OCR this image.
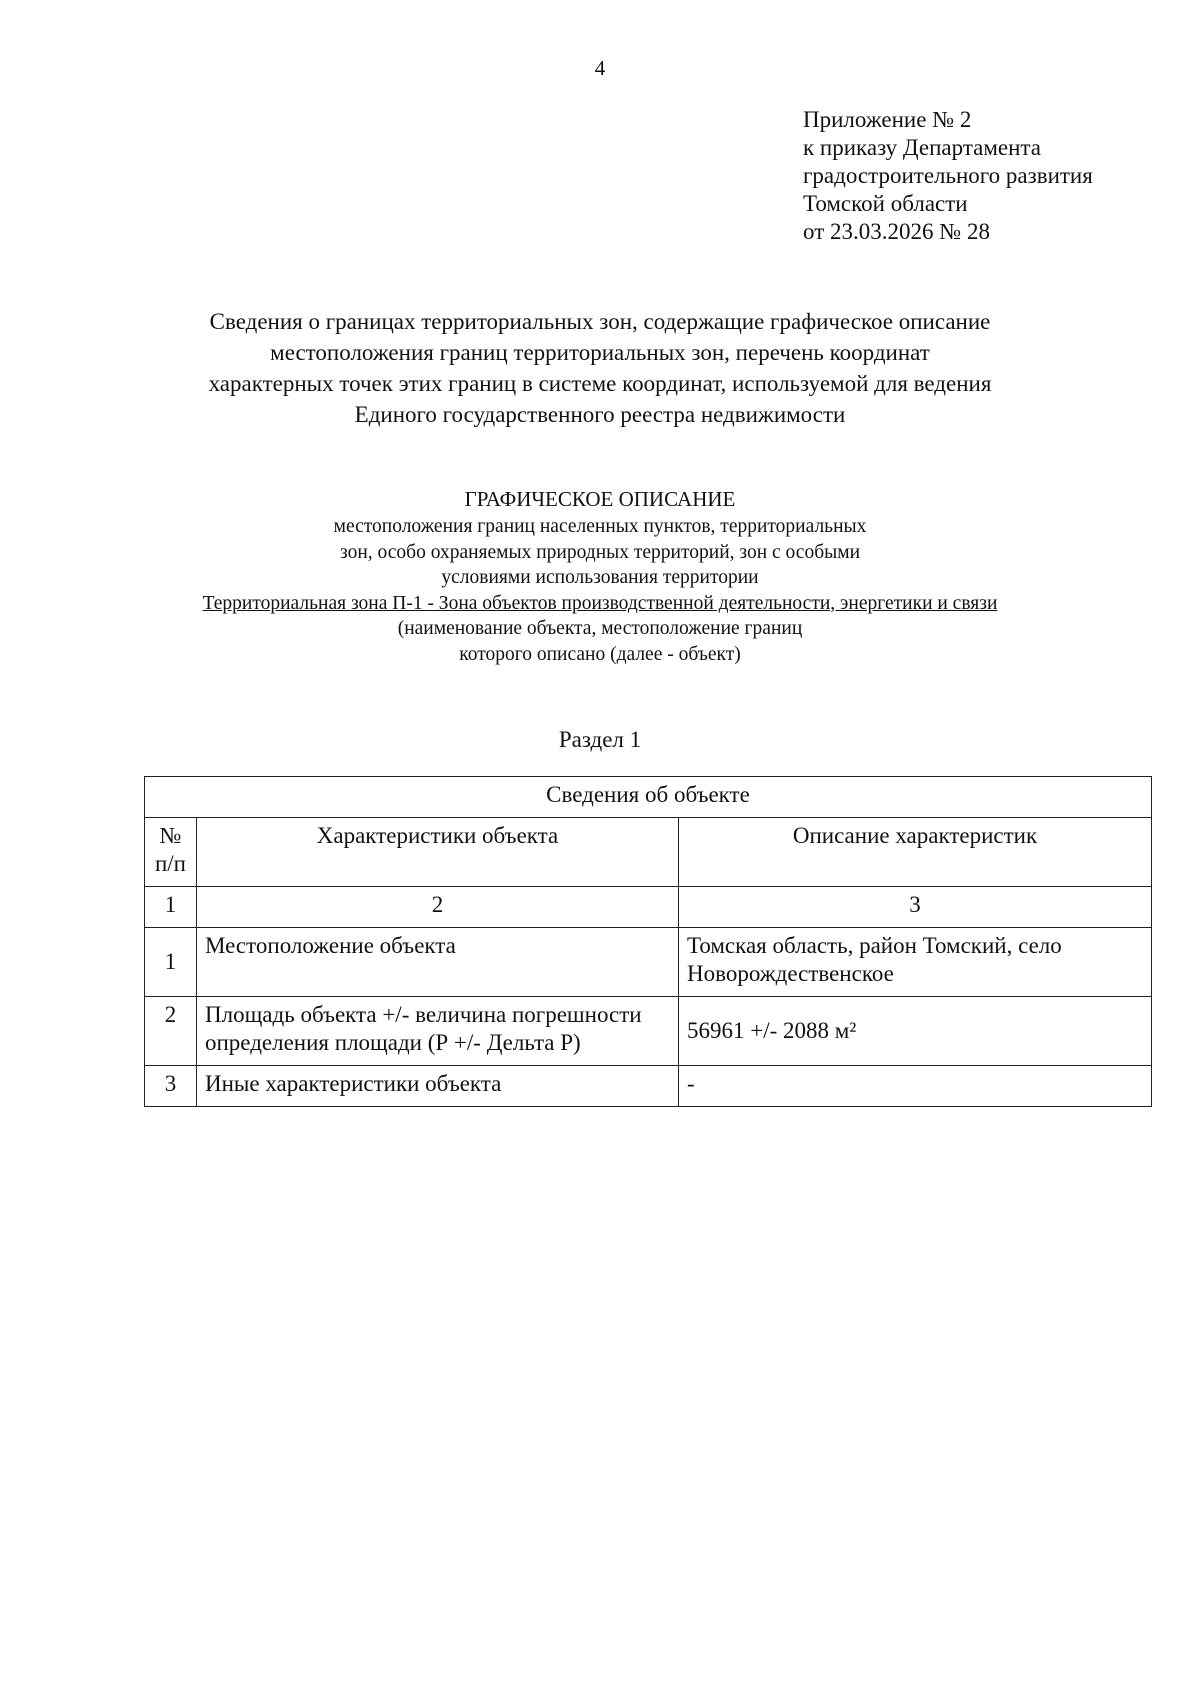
4
Приложение № 2
к приказу Департамента
градостроительного развития
Томской области
от 23.03.2026 № 28
Сведения о границах территориальных зон, содержащие графическое описание
местоположения границ территориальных зон, перечень координат
характерных точек этих границ в системе координат, используемой для ведения
Единого государственного реестра недвижимости
ГРАФИЧЕСКОЕ ОПИСАНИЕ
местоположения границ населенных пунктов, территориальных
зон, особо охраняемых природных территорий, зон с особыми
условиями использования территории
Территориальная зона П-1 - Зона объектов производственной деятельности, энергетики и связи
(наименование объекта, местоположение границ
которого описано (далее - объект)
Раздел 1
Сведения об объекте		

№
п/п	Характеристики объекта	Описание характеристик
1	2	3
1	Местоположение объекта	Томская область, район Томский, село Новорождественское
2	Площадь объекта +/- величина погрешности определения площади (Р +/- Дельта Р)	56961 +/- 2088 м²
3	Иные характеристики объекта	-
